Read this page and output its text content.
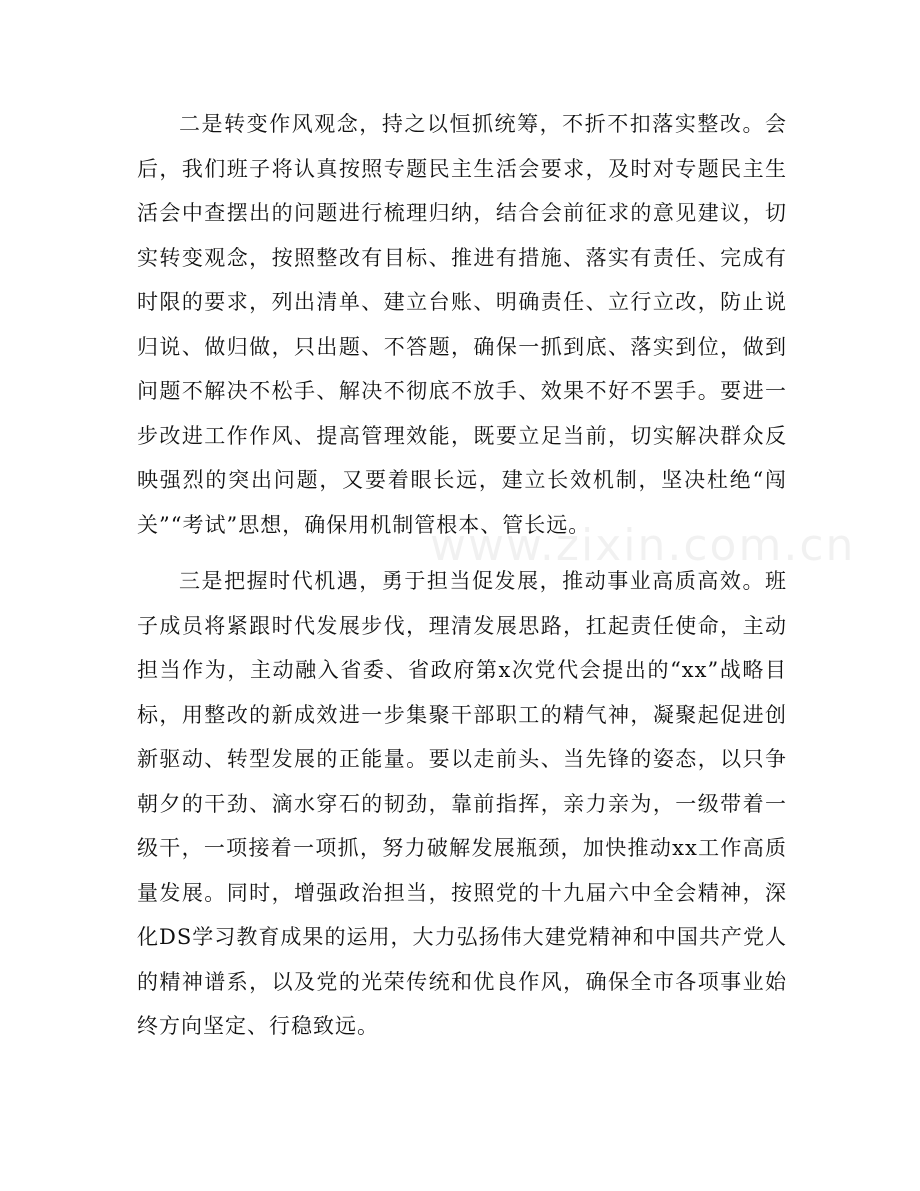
二是转变作风观念，持之以恒抓统筹，不折不扣落实整改。会后，我们班子将认真按照专题民主生活会要求，及时对专题民主生活会中查摆出的问题进行梳理归纳，结合会前征求的意见建议，切实转变观念，按照整改有目标、推进有措施、落实有责任、完成有时限的要求，列出清单、建立台账、明确责任、立行立改，防止说归说、做归做，只出题、不答题，确保一抓到底、落实到位，做到问题不解决不松手、解决不彻底不放手、效果不好不罢手。要进一步改进工作作风、提高管理效能，既要立足当前，切实解决群众反映强烈的突出问题，又要着眼长远，建立长效机制，坚决杜绝“闯关”“考试”思想，确保用机制管根本、管长远。

三是把握时代机遇，勇于担当促发展，推动事业高质高效。班子成员将紧跟时代发展步伐，理清发展思路，扛起责任使命，主动担当作为，主动融入省委、省政府第x次党代会提出的“xx”战略目标，用整改的新成效进一步集聚干部职工的精气神，凝聚起促进创新驱动、转型发展的正能量。要以走前头、当先锋的姿态，以只争朝夕的干劲、滴水穿石的韧劲，靠前指挥，亲力亲为，一级带着一级干，一项接着一项抓，努力破解发展瓶颈，加快推动xx工作高质量发展。同时，增强政治担当，按照党的十九届六中全会精神，深化DS学习教育成果的运用，大力弘扬伟大建党精神和中国共产党人的精神谱系，以及党的光荣传统和优良作风，确保全市各项事业始终方向坚定、行稳致远。

www.zixin.com.cn
